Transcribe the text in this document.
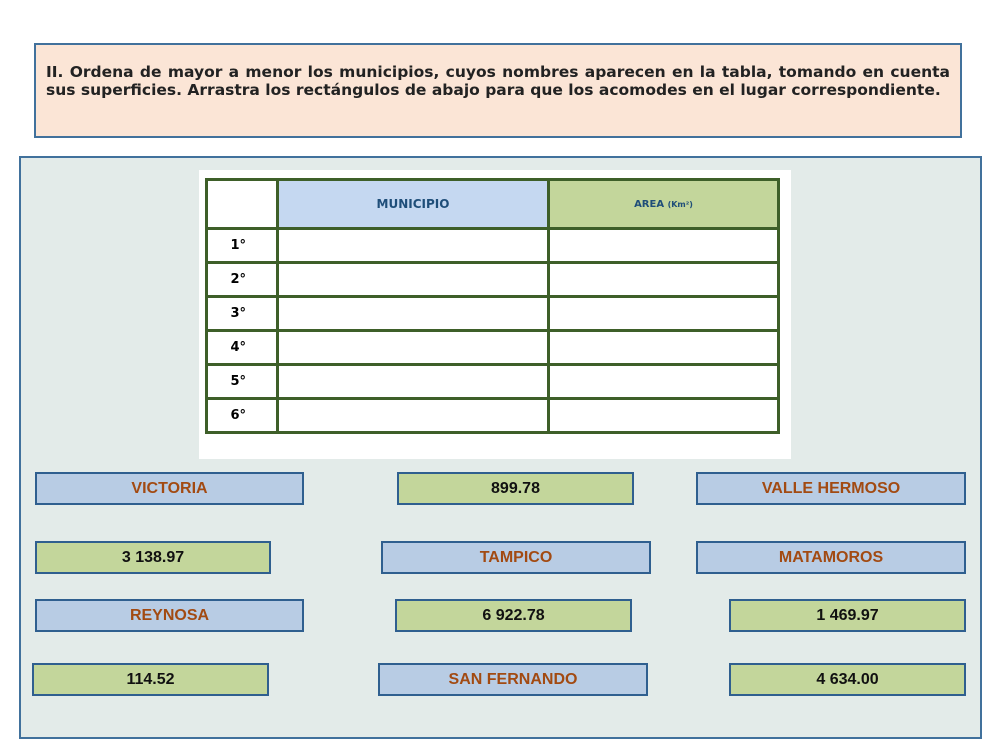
II. Ordena de mayor a menor los municipios, cuyos nombres aparecen en la tabla, tomando en cuenta sus superficies. Arrastra los rectángulos de abajo para que los acomodes en el lugar correspondiente.
	MUNICIPIO	AREA (Km²)
1°		
2°		
3°		
4°		
5°		
6°		
VICTORIA	899.78	VALLE HERMOSO
3 138.97	TAMPICO	MATAMOROS
REYNOSA	6 922.78	1 469.97
114.52	SAN FERNANDO	4 634.00
